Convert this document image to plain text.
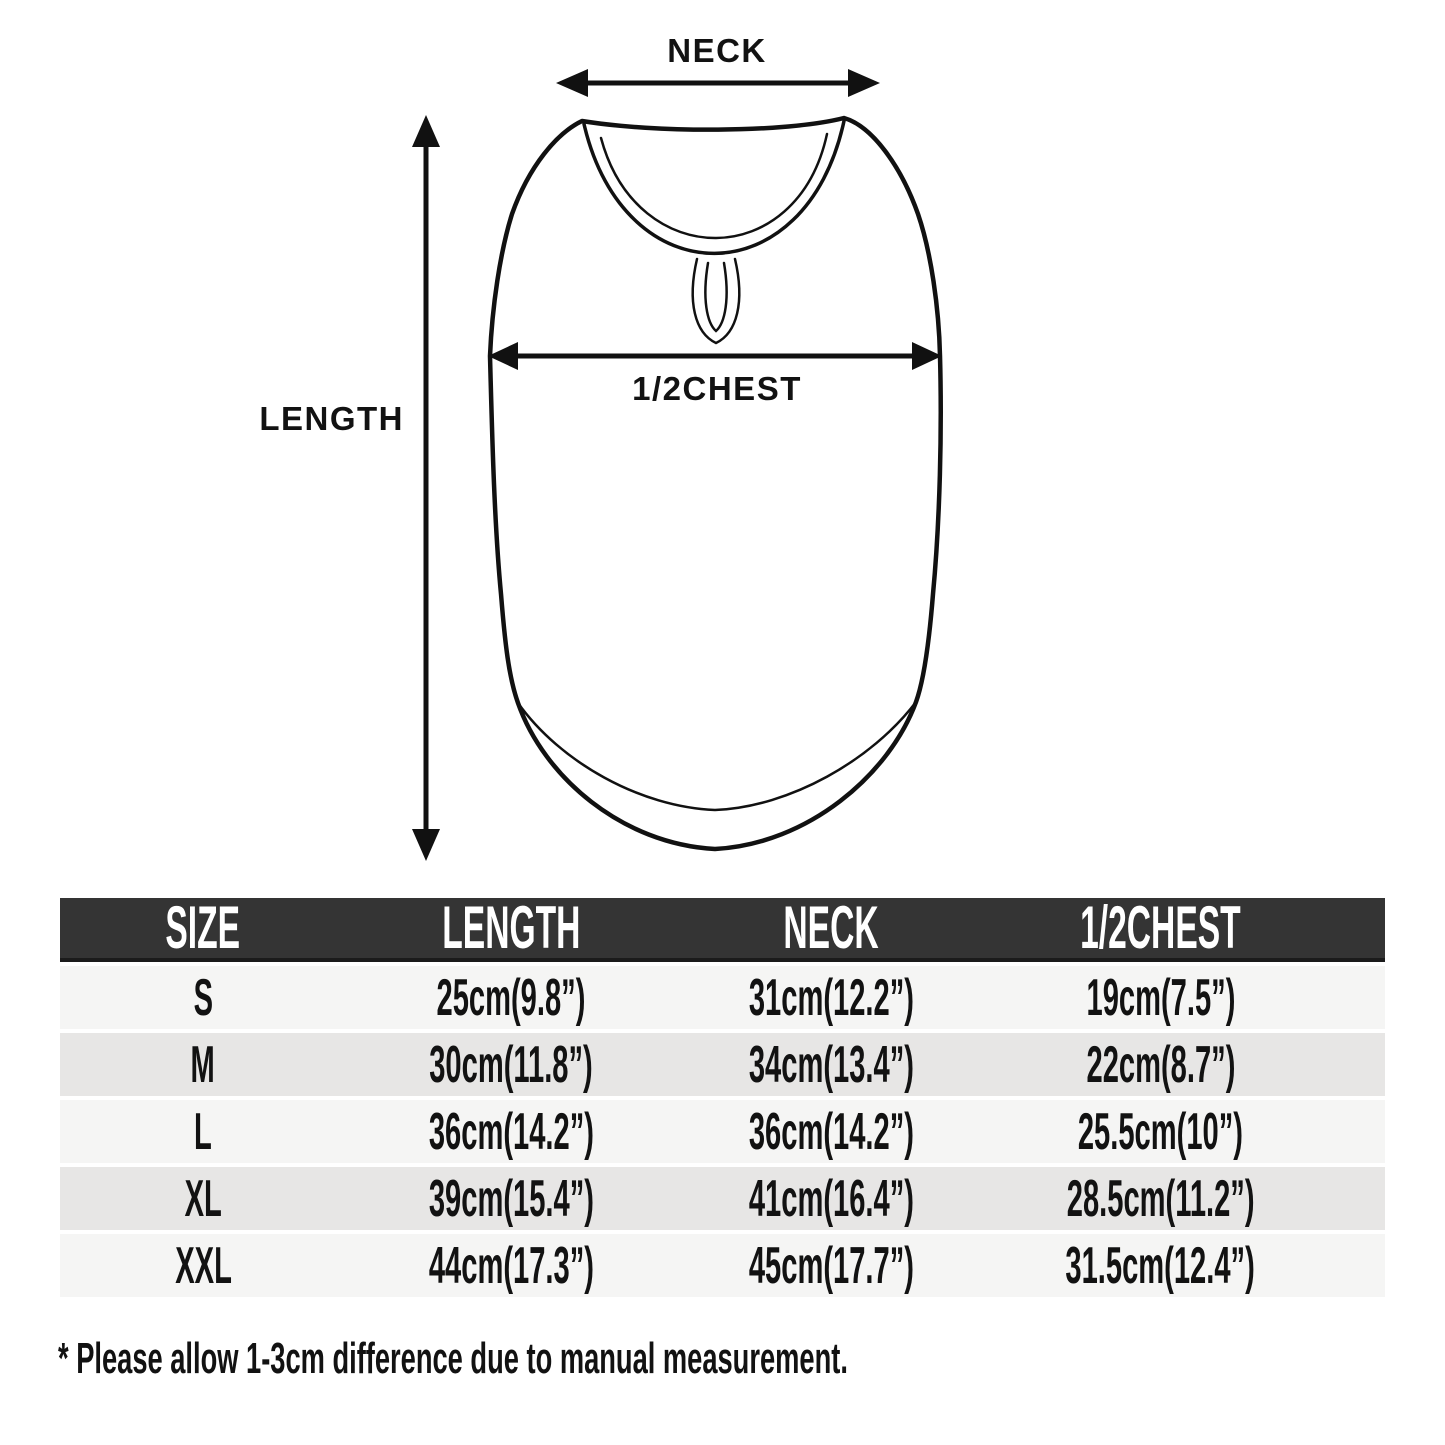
NECK
LENGTH
1/2CHEST
SIZE	LENGTH	NECK	1/2CHEST
S	25cm(9.8”)	31cm(12.2”)	19cm(7.5”)
M	30cm(11.8”)	34cm(13.4”)	22cm(8.7”)
L	36cm(14.2”)	36cm(14.2”)	25.5cm(10”)
XL	39cm(15.4”)	41cm(16.4”)	28.5cm(11.2”)
XXL	44cm(17.3”)	45cm(17.7”)	31.5cm(12.4”)
* Please allow 1-3cm difference due to manual measurement.
